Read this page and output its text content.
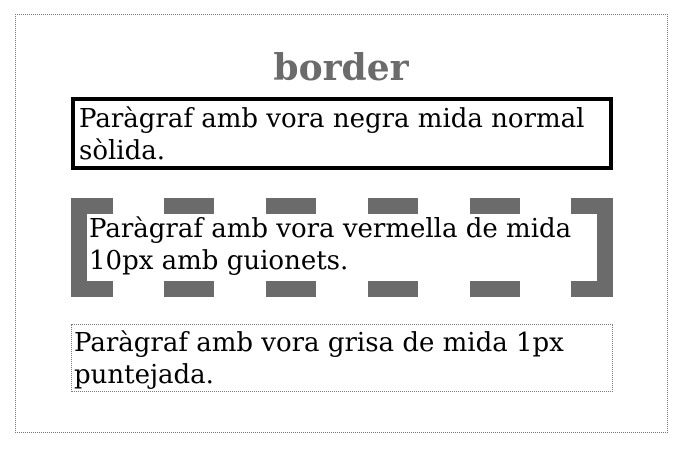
border
Paràgraf amb vora negra mida normal sòlida.
Paràgraf amb vora vermella de mida 10px amb guionets.
Paràgraf amb vora grisa de mida 1px puntejada.
